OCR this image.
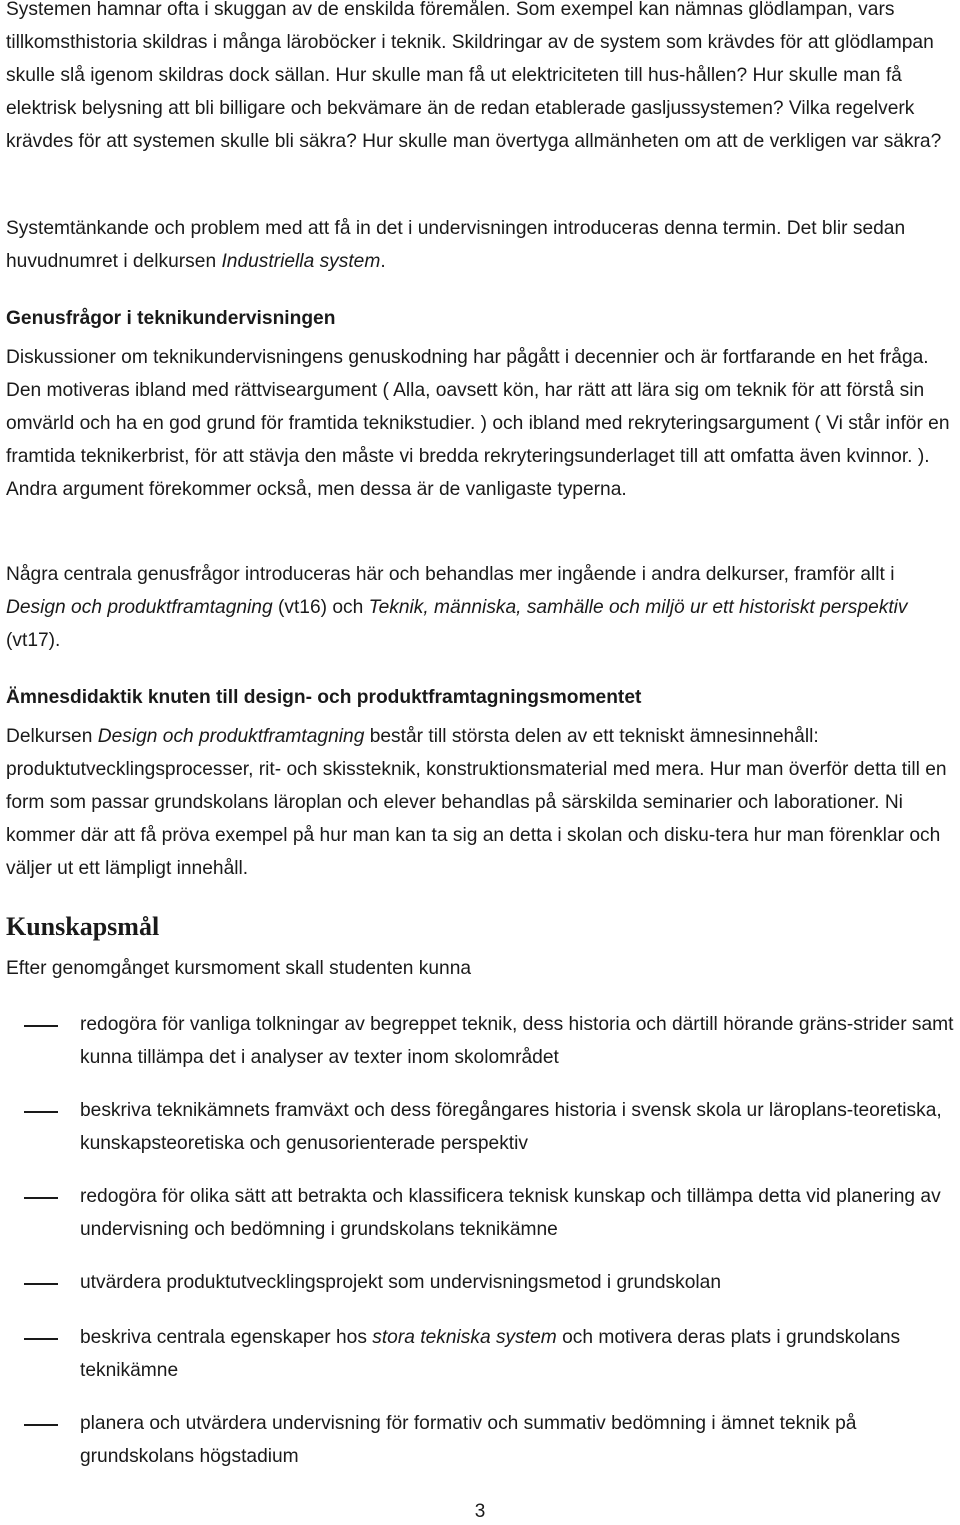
Systemen hamnar ofta i skuggan av de enskilda föremålen. Som exempel kan nämnas glödlampan, vars tillkomsthistoria skildras i många läroböcker i teknik. Skildringar av de system som krävdes för att glödlampan skulle slå igenom skildras dock sällan. Hur skulle man få ut elektriciteten till hus-hållen? Hur skulle man få elektrisk belysning att bli billigare och bekvämare än de redan etablerade gasljussystemen? Vilka regelverk krävdes för att systemen skulle bli säkra? Hur skulle man övertyga allmänheten om att de verkligen var säkra?

Systemtänkande och problem med att få in det i undervisningen introduceras denna termin. Det blir sedan huvudnumret i delkursen Industriella system.

Genusfrågor i teknikundervisningen

Diskussioner om teknikundervisningens genuskodning har pågått i decennier och är fortfarande en het fråga. Den motiveras ibland med rättviseargument ( Alla, oavsett kön, har rätt att lära sig om teknik för att förstå sin omvärld och ha en god grund för framtida teknikstudier. ) och ibland med rekryteringsargument ( Vi står inför en framtida teknikerbrist, för att stävja den måste vi bredda rekryteringsunderlaget till att omfatta även kvinnor. ). Andra argument förekommer också, men dessa är de vanligaste typerna.

Några centrala genusfrågor introduceras här och behandlas mer ingående i andra delkurser, framför allt i Design och produktframtagning (vt16) och Teknik, människa, samhälle och miljö ur ett historiskt perspektiv (vt17).

Ämnesdidaktik knuten till design- och produktframtagningsmomentet

Delkursen Design och produktframtagning består till största delen av ett tekniskt ämnesinnehåll: produktutvecklingsprocesser, rit- och skissteknik, konstruktionsmaterial med mera. Hur man överför detta till en form som passar grundskolans läroplan och elever behandlas på särskilda seminarier och laborationer. Ni kommer där att få pröva exempel på hur man kan ta sig an detta i skolan och disku-tera hur man förenklar och väljer ut ett lämpligt innehåll.

Kunskapsmål

Efter genomgånget kursmoment skall studenten kunna

redogöra för vanliga tolkningar av begreppet teknik, dess historia och därtill hörande gräns-strider samt kunna tillämpa det i analyser av texter inom skolområdet

beskriva teknikämnets framväxt och dess föregångares historia i svensk skola ur läroplans-teoretiska, kunskapsteoretiska och genusorienterade perspektiv

redogöra för olika sätt att betrakta och klassificera teknisk kunskap och tillämpa detta vid planering av undervisning och bedömning i grundskolans teknikämne

utvärdera produktutvecklingsprojekt som undervisningsmetod i grundskolan

beskriva centrala egenskaper hos stora tekniska system och motivera deras plats i grundskolans teknikämne

planera och utvärdera undervisning för formativ och summativ bedömning i ämnet teknik på grundskolans högstadium

3
